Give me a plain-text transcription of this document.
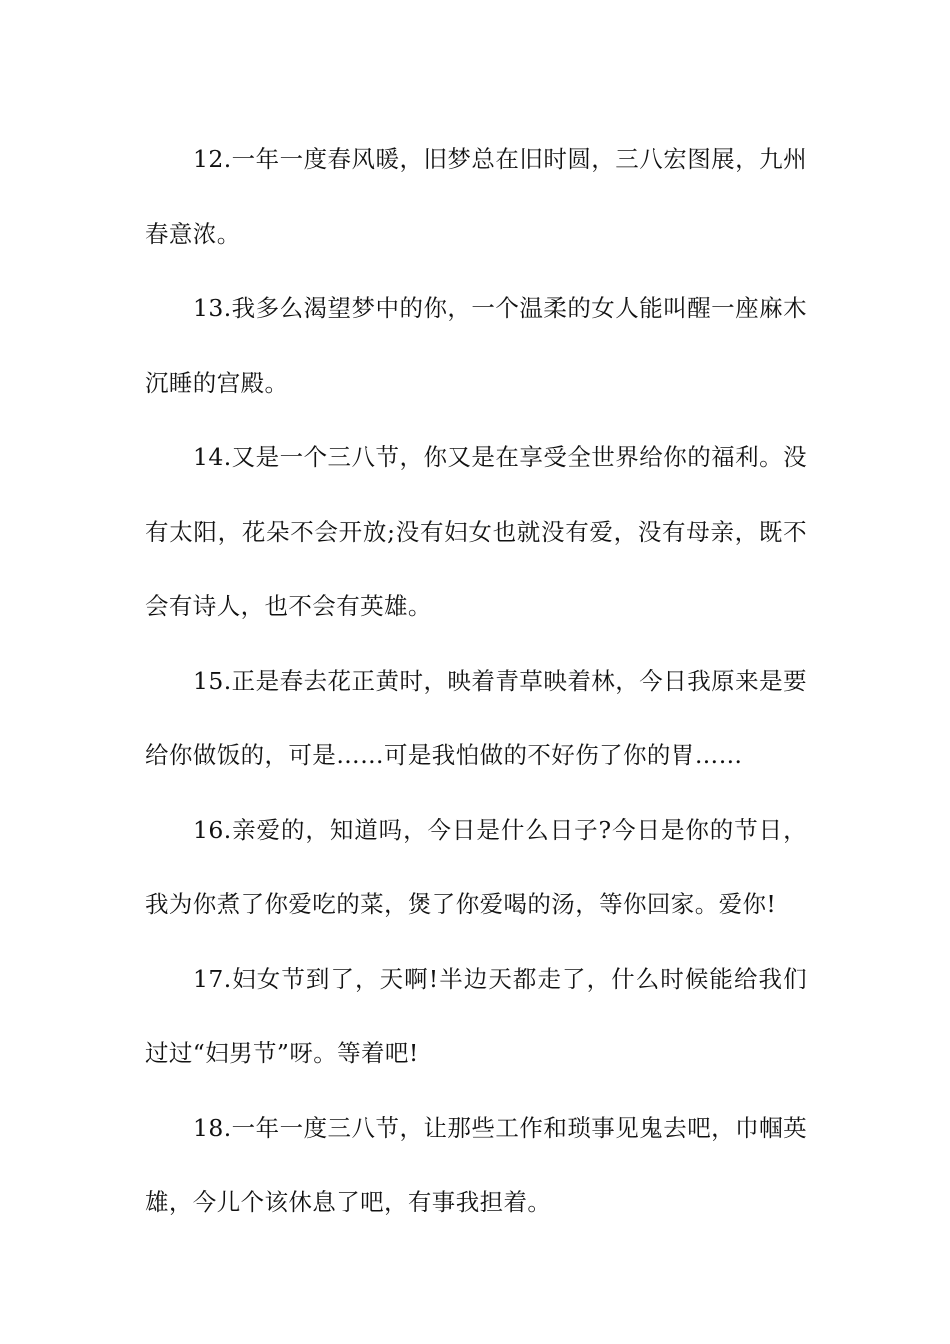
12.一年一度春风暖，旧梦总在旧时圆，三八宏图展，九州春意浓。

13.我多么渴望梦中的你，一个温柔的女人能叫醒一座麻木沉睡的宫殿。

14.又是一个三八节，你又是在享受全世界给你的福利。没有太阳，花朵不会开放;没有妇女也就没有爱，没有母亲，既不会有诗人，也不会有英雄。

15.正是春去花正黄时，映着青草映着林，今日我原来是要给你做饭的，可是……可是我怕做的不好伤了你的胃……

16.亲爱的，知道吗，今日是什么日子?今日是你的节日，我为你煮了你爱吃的菜，煲了你爱喝的汤，等你回家。爱你!

17.妇女节到了，天啊!半边天都走了，什么时候能给我们过过“妇男节”呀。等着吧!

18.一年一度三八节，让那些工作和琐事见鬼去吧，巾帼英雄，今儿个该休息了吧，有事我担着。
